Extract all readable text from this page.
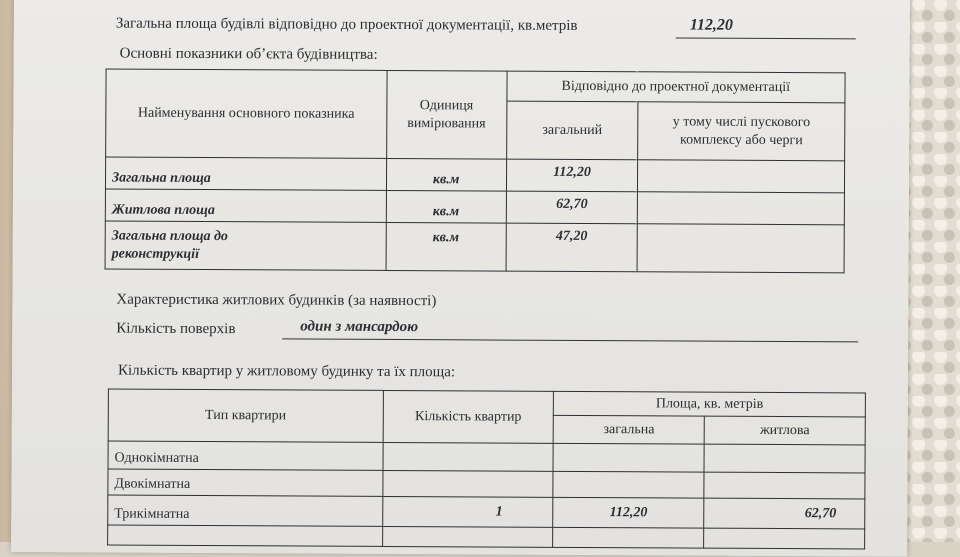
Загальна площа будівлі відповідно до проектної документації, кв.метрів	112,20
Основні показники об’єкта будівництва:
Найменування основного показника	Одиниця вимірювання	Відповідно до проектної документації	
		загальний	у тому числі пускового комплексу або черги
Загальна площа	кв.м	112,20	
Житлова площа	кв.м	62,70	
Загальна площа до реконструкції	кв.м	47,20	
Характеристика житлових будинків (за наявності)
Кількість поверхів	один з мансардою
Кількість квартир у житловому будинку та їх площа:
Тип квартири	Кількість квартир	Площа, кв. метрів	
		загальна	житлова
Однокімнатна			
Двокімнатна			
Трикімнатна	1	112,20	62,70
